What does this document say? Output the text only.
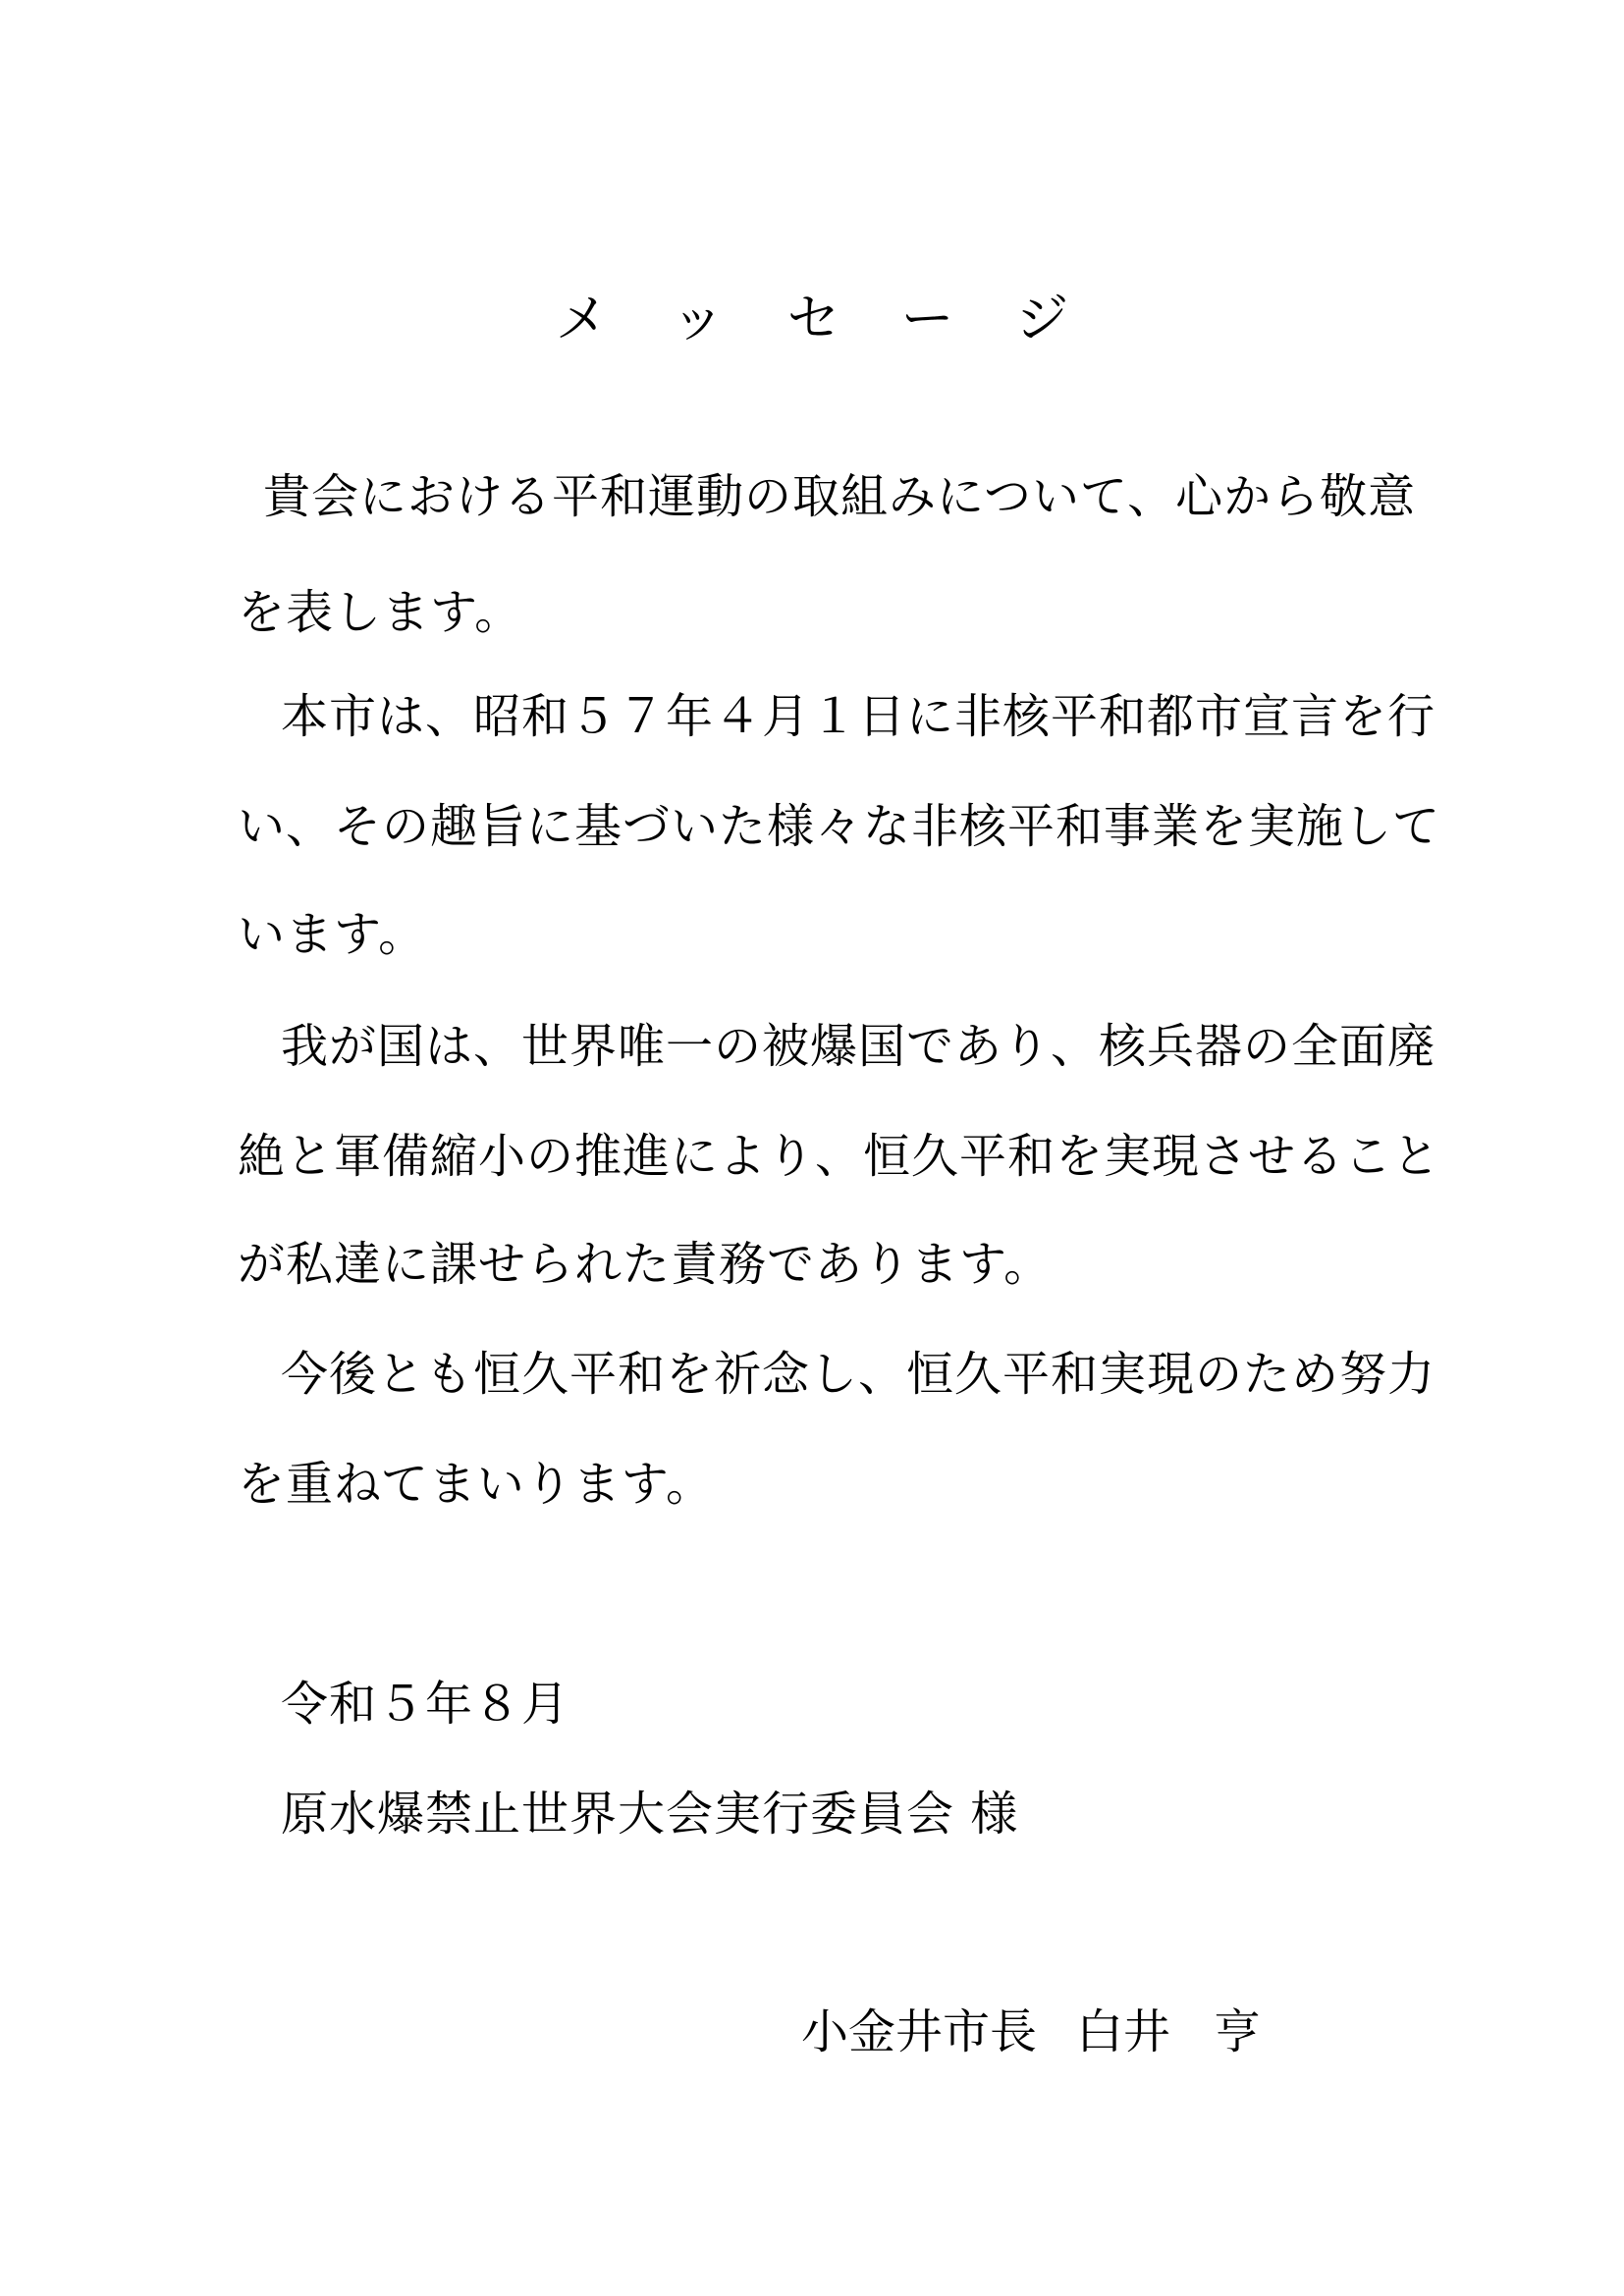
メッセージ
貴会における平和運動の取組みについて、心から敬意
を表します。
本市は、昭和５７年４月１日に非核平和都市宣言を行
い、その趣旨に基づいた様々な非核平和事業を実施して
います。
我が国は、世界唯一の被爆国であり、核兵器の全面廃
絶と軍備縮小の推進により、恒久平和を実現させること
が私達に課せられた責務であります。
今後とも恒久平和を祈念し、恒久平和実現のため努力
を重ねてまいります。
令和５年８月
原水爆禁止世界大会実行委員会 様
小金井市長 白井 亨
